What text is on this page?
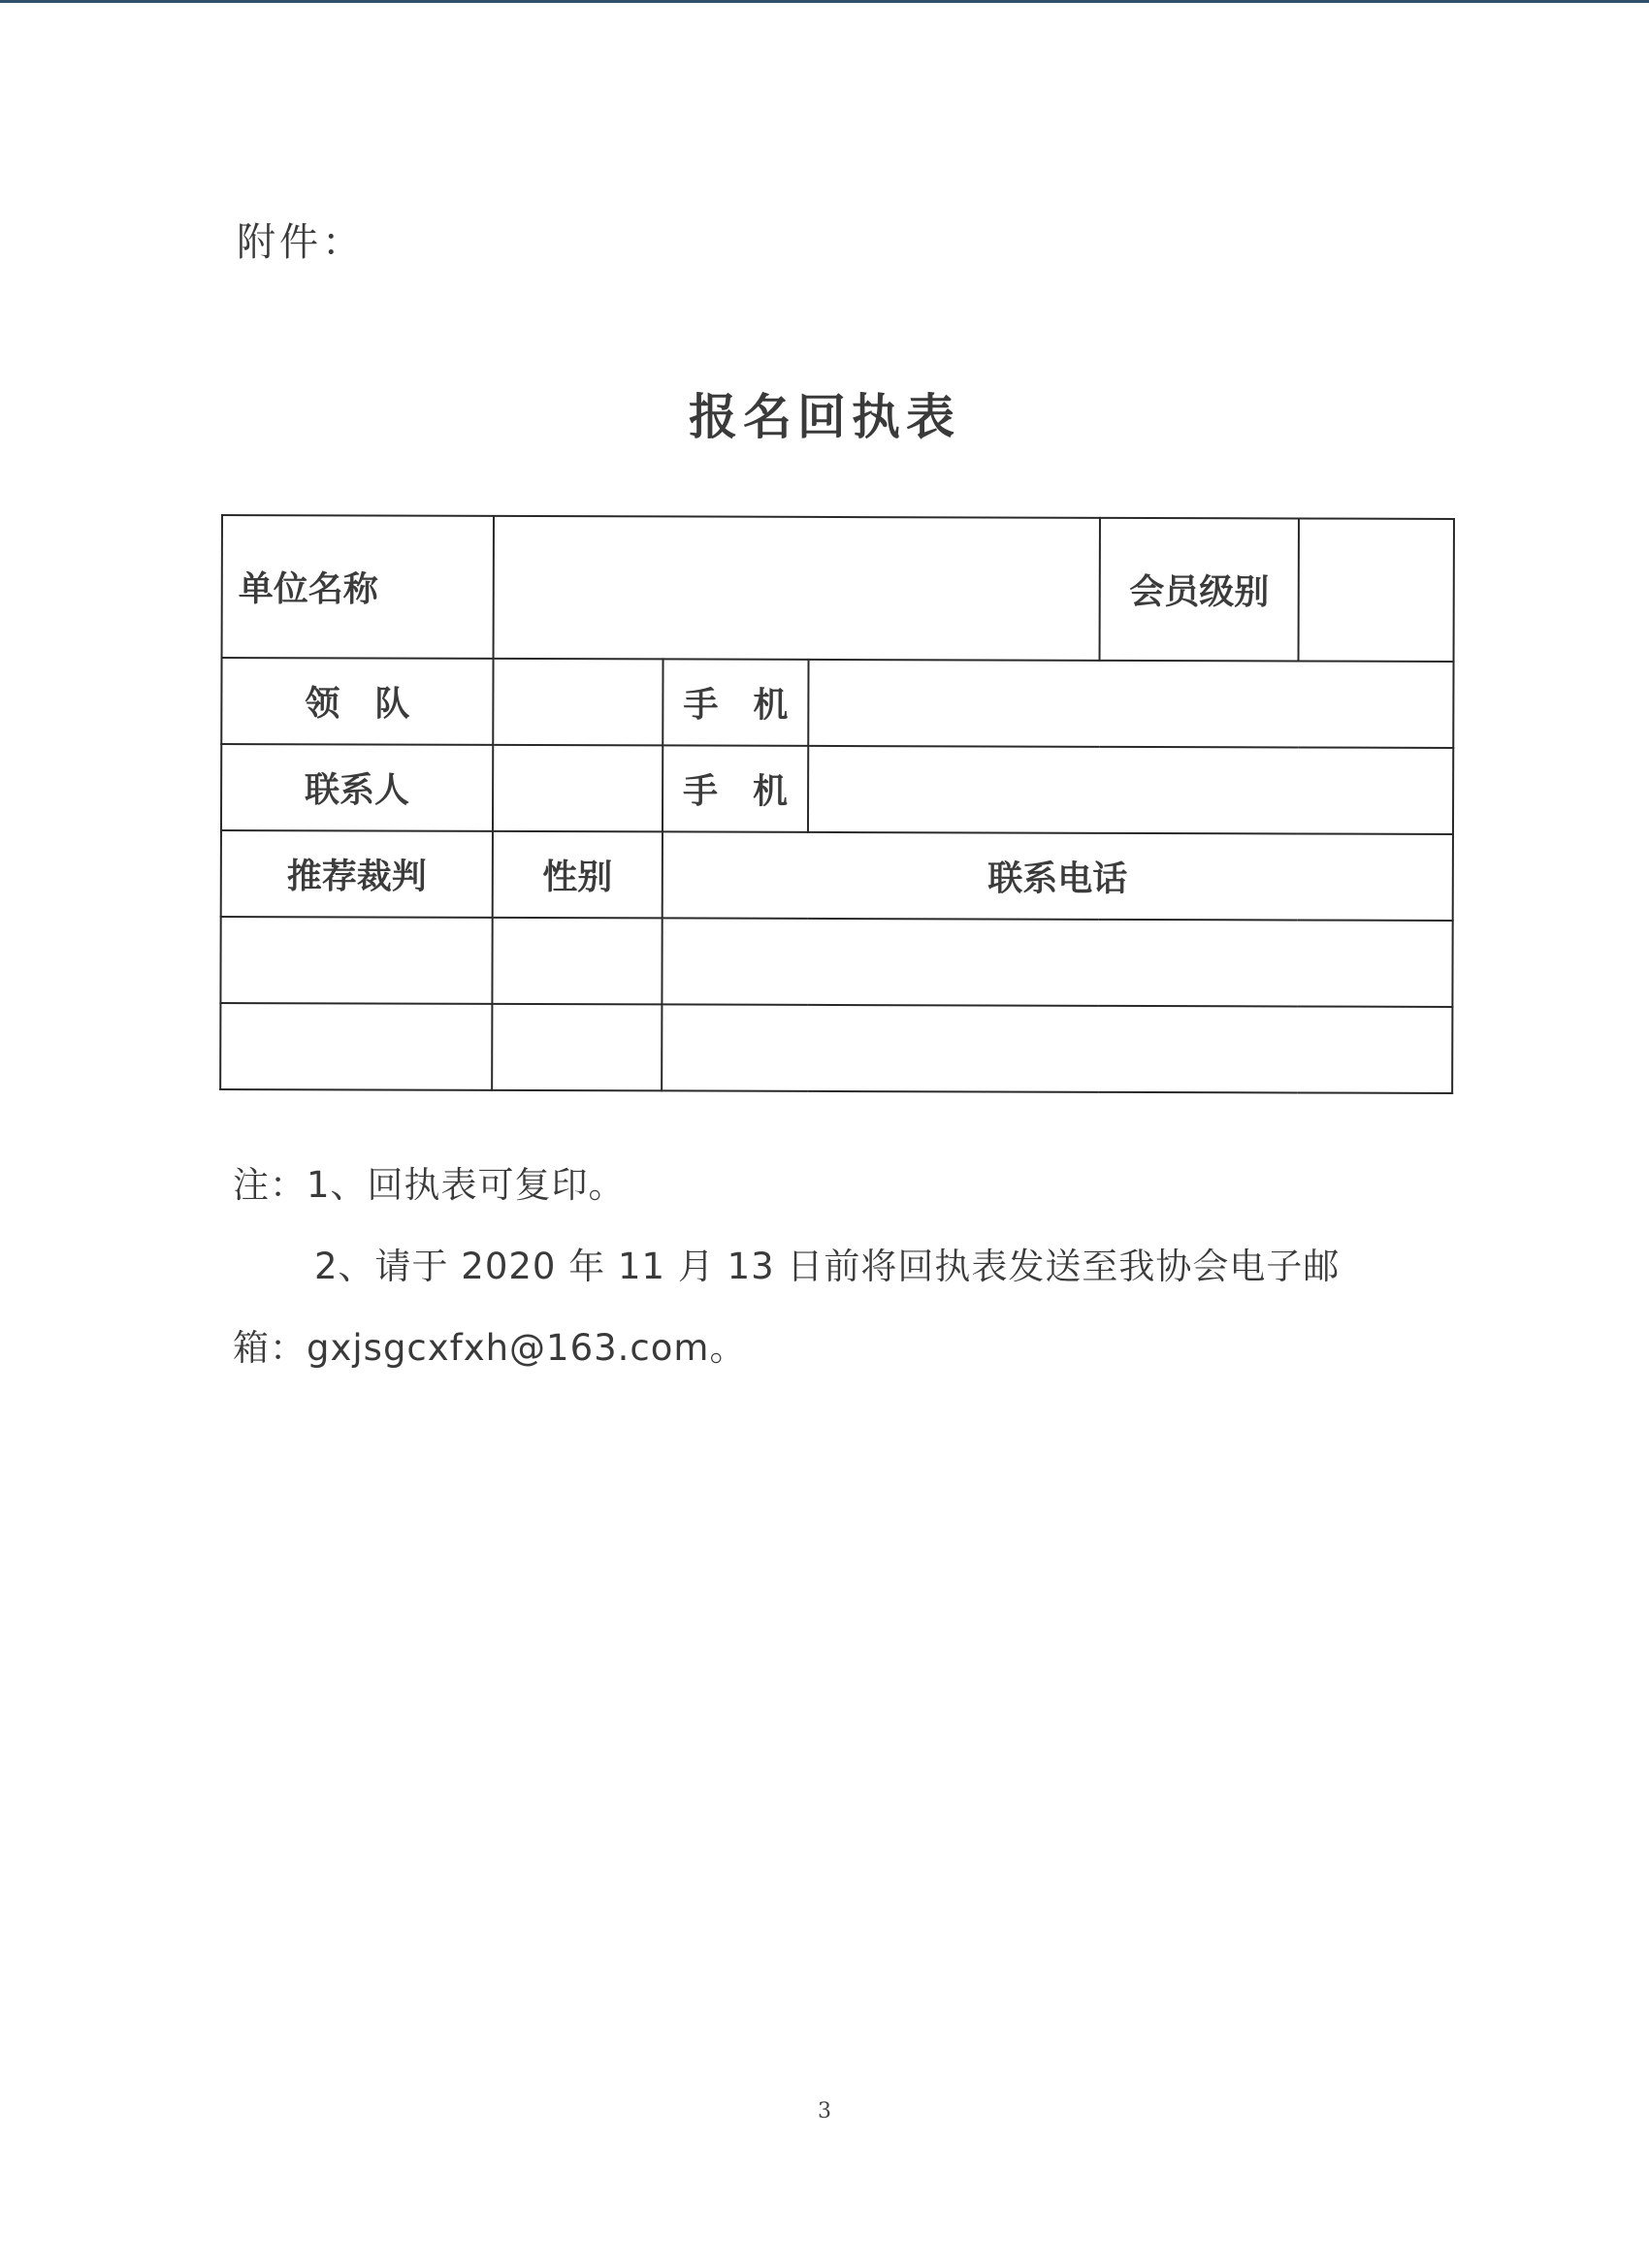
附件：
报名回执表
单位名称				会员级别	
领　队		手　机			
联系人		手　机			
推荐裁判	性别	联系电话			

注：1、回执表可复印。

2、请于 2020 年 11 月 13 日前将回执表发送至我协会电子邮

箱：gxjsgcxfxh@163.com。

3
